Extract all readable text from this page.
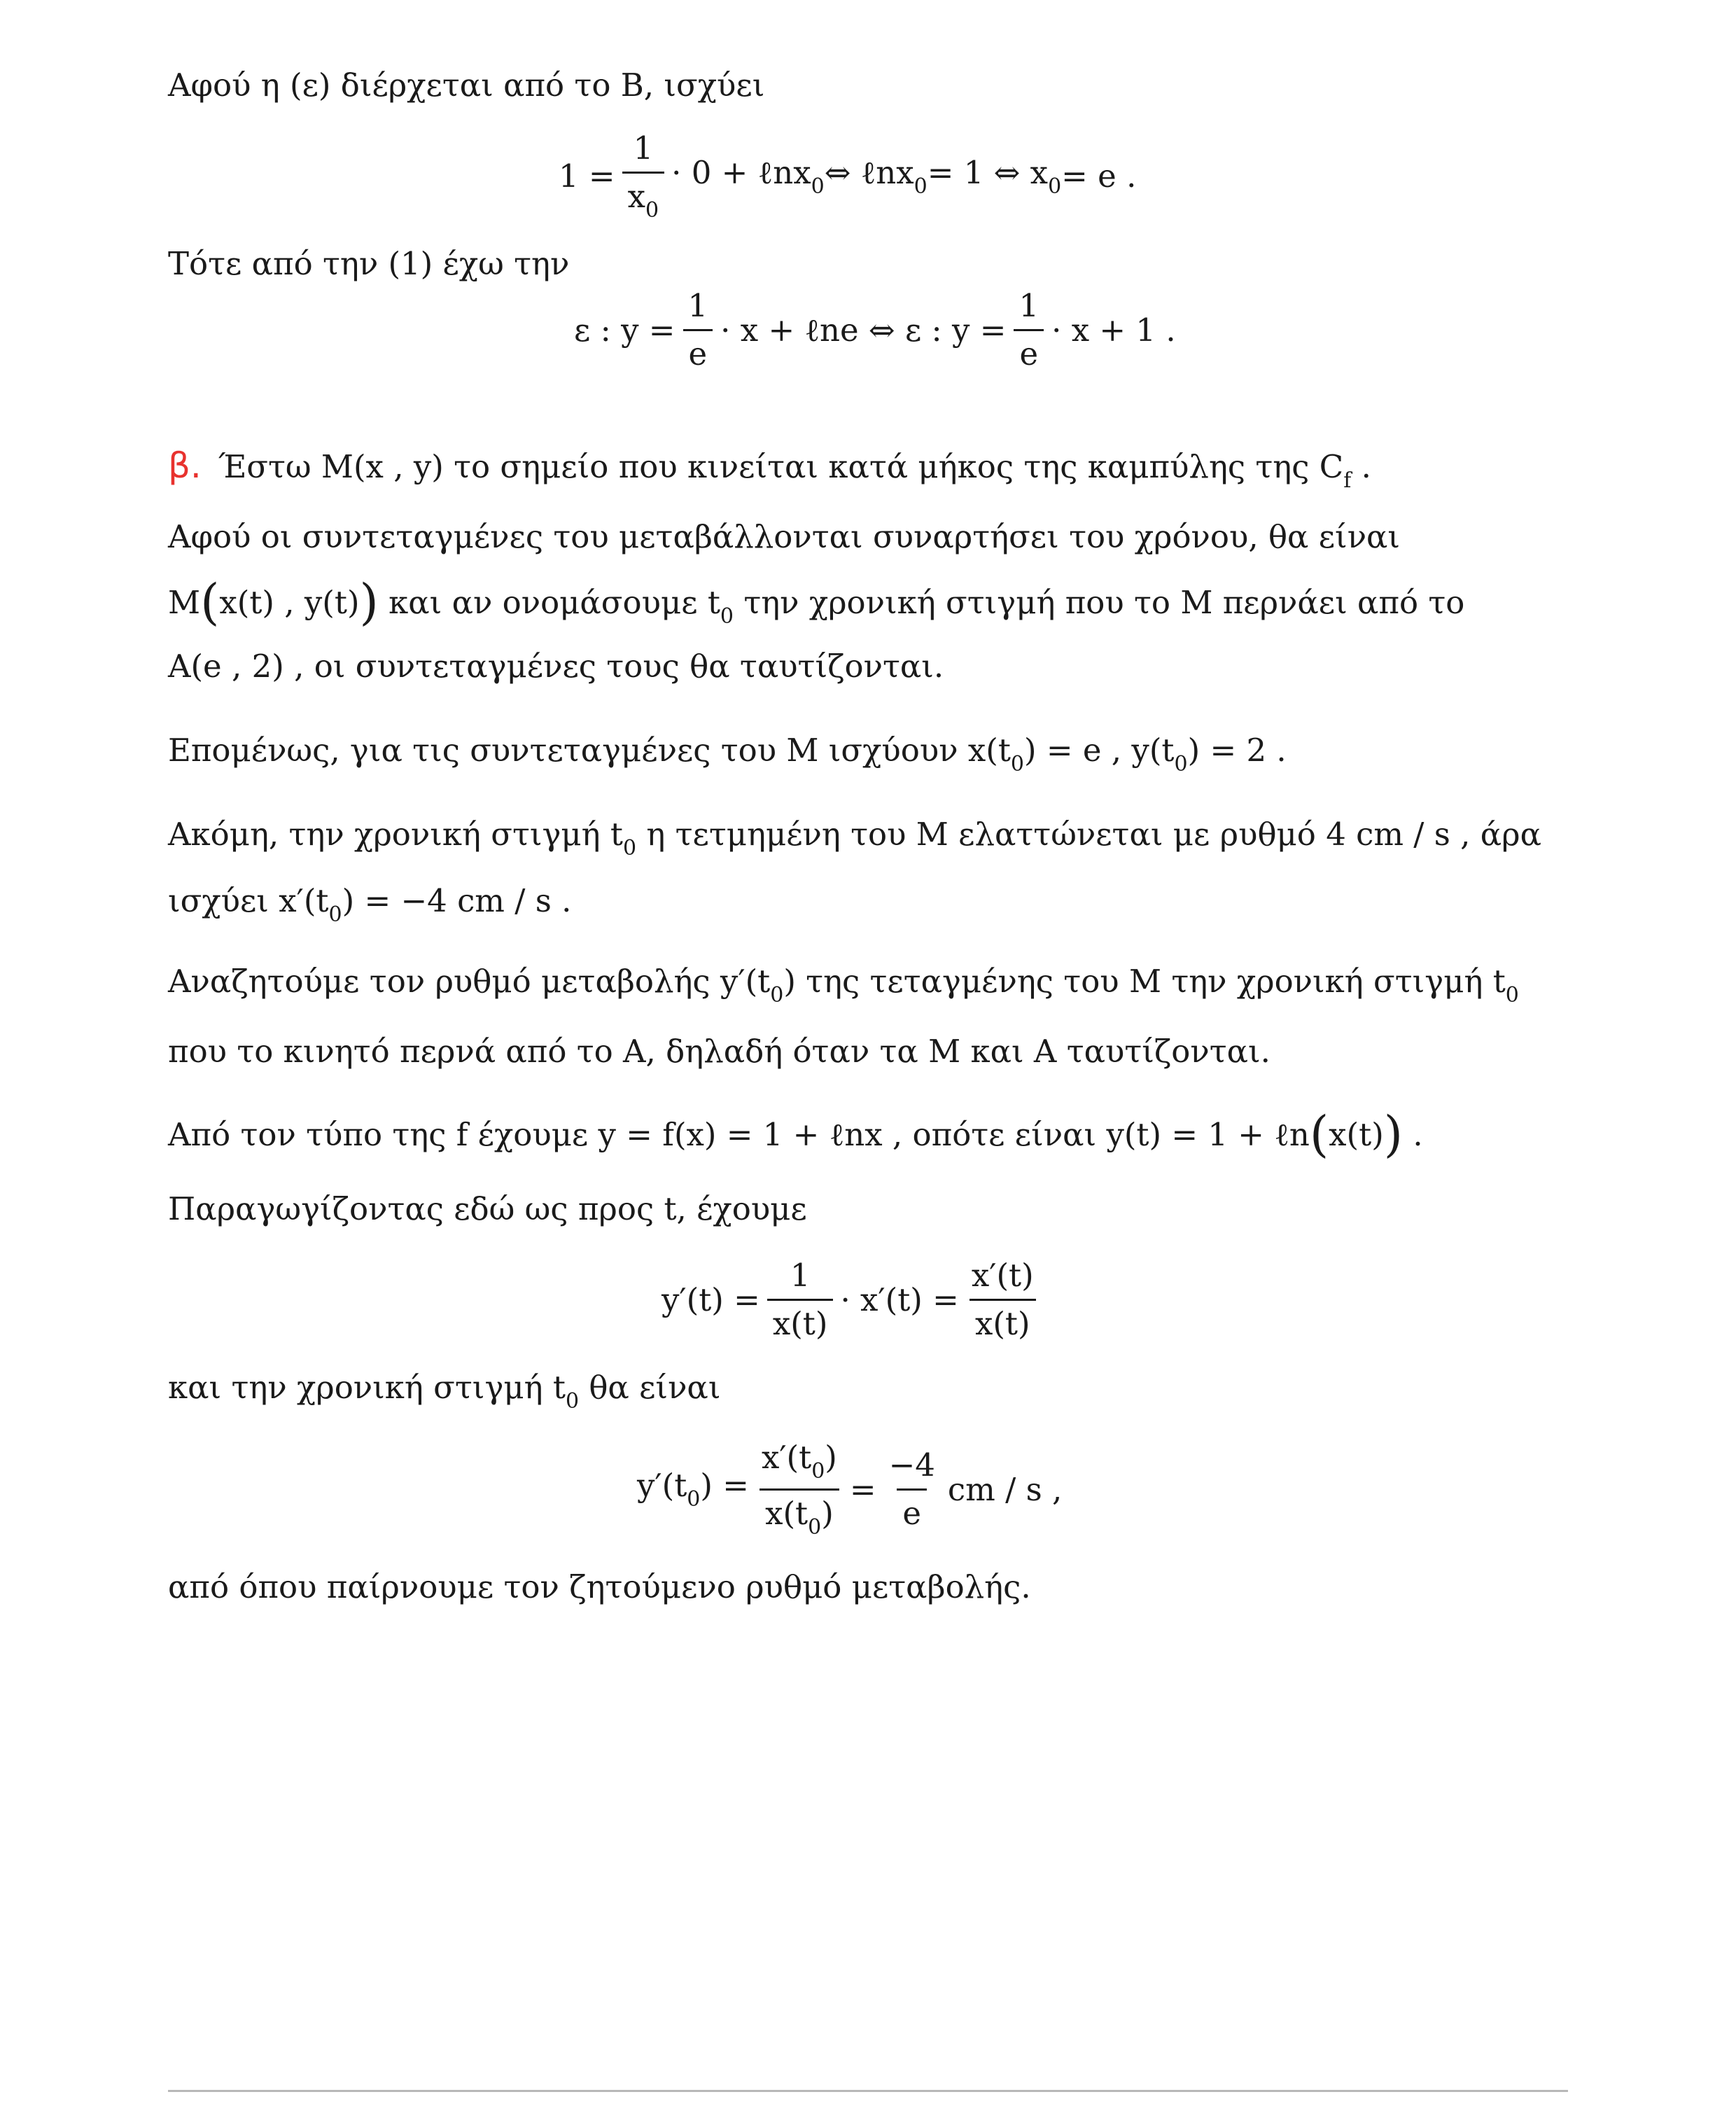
Αφού η (ε) διέρχεται από το Β, ισχύει
$1 = \frac{1}{x_0} \cdot 0$ + ℓnx$_0$ ⇔ ℓnx$_0$ = 1 ⇔ $x_0 = e$ .
Τότε από την (1) έχω την
ε : $y = \frac{1}{e} \cdot x$ + ℓne ⇔ ε : $y = \frac{1}{e} \cdot x + 1$ .
β. Έστω M(x , y) το σημείο που κινείται κατά μήκος της καμπύλης της $C_f$ .
Αφού οι συντεταγμένες του μεταβάλλονται συναρτήσει του χρόνου, θα είναι
M(x(t) , y(t)) και αν ονομάσουμε $t_0$ την χρονική στιγμή που το Μ περνάει από το
A(e , 2) , οι συντεταγμένες τους θα ταυτίζονται.
Επομένως, για τις συντεταγμένες του Μ ισχύουν $x(t_0) = e$ , $y(t_0) = 2$ .
Ακόμη, την χρονική στιγμή $t_0$ η τετμημένη του Μ ελαττώνεται με ρυθμό 4 cm / s , άρα
ισχύει $x'(t_0) = -4$ cm / s .
Αναζητούμε τον ρυθμό μεταβολής $y'(t_0)$ της τεταγμένης του Μ την χρονική στιγμή $t_0$
που το κινητό περνά από το Α, δηλαδή όταν τα Μ και Α ταυτίζονται.
Από τον τύπο της f έχουμε y = f(x) = 1 + ℓnx , οπότε είναι y(t) = 1 + ℓn(x(t)) .
Παραγωγίζοντας εδώ ως προς t, έχουμε
$y'(t) = \frac{1}{x(t)} \cdot x'(t) = \frac{x'(t)}{x(t)}$
και την χρονική στιγμή $t_0$ θα είναι
$y'(t_0) = \frac{x'(t_0)}{x(t_0)} = \frac{-4}{e}$ cm / s ,
από όπου παίρνουμε τον ζητούμενο ρυθμό μεταβολής.
